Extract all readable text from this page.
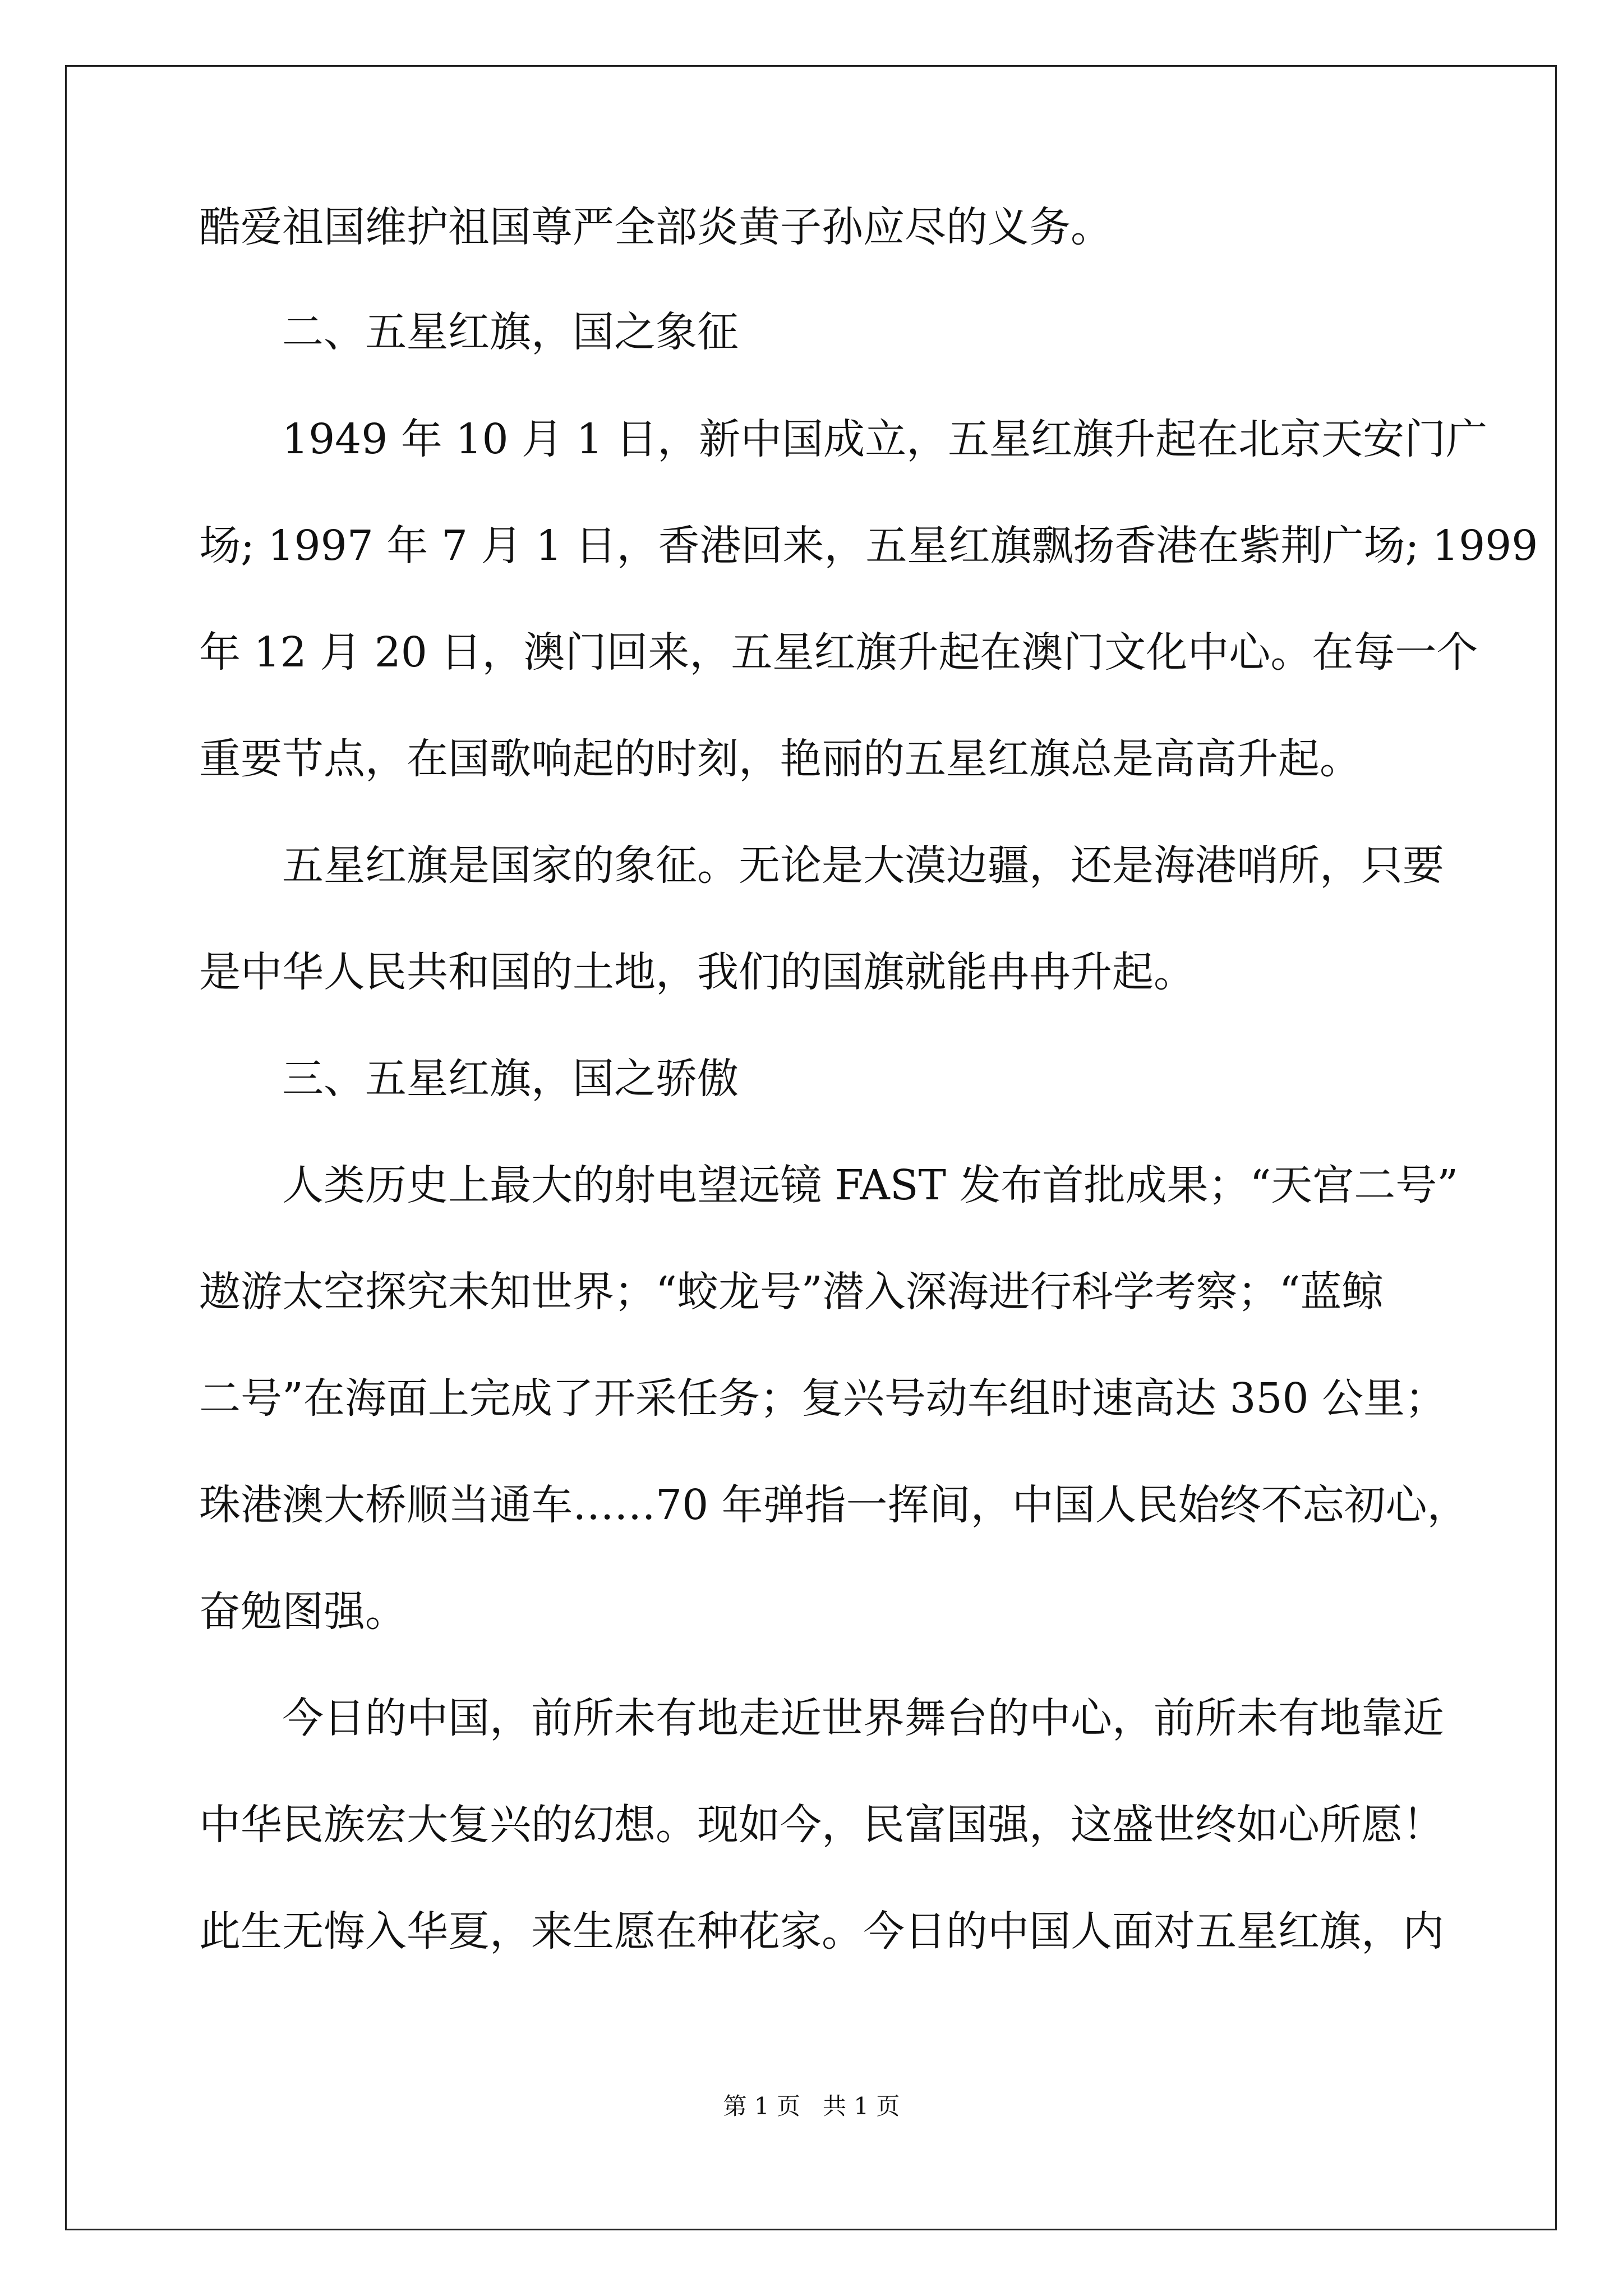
酷爱祖国维护祖国尊严全部炎黄子孙应尽的义务。
　　二、五星红旗，国之象征
　　1949 年 10 月 1 日，新中国成立，五星红旗升起在北京天安门广
场; 1997 年 7 月 1 日，香港回来，五星红旗飘扬香港在紫荆广场; 1999
年 12 月 20 日，澳门回来，五星红旗升起在澳门文化中心。在每一个
重要节点，在国歌响起的时刻，艳丽的五星红旗总是高高升起。
　　五星红旗是国家的象征。无论是大漠边疆，还是海港哨所，只要
是中华人民共和国的土地，我们的国旗就能冉冉升起。
　　三、五星红旗，国之骄傲
　　人类历史上最大的射电望远镜 FAST 发布首批成果；“天宫二号”
遨游太空探究未知世界；“蛟龙号”潜入深海进行科学考察；“蓝鲸
二号”在海面上完成了开采任务；复兴号动车组时速高达 350 公里；
珠港澳大桥顺当通车……70 年弹指一挥间，中国人民始终不忘初心，
奋勉图强。
　　今日的中国，前所未有地走近世界舞台的中心，前所未有地靠近
中华民族宏大复兴的幻想。现如今，民富国强，这盛世终如心所愿！
此生无悔入华夏，来生愿在种花家。今日的中国人面对五星红旗，内
第 1 页 共 1 页
